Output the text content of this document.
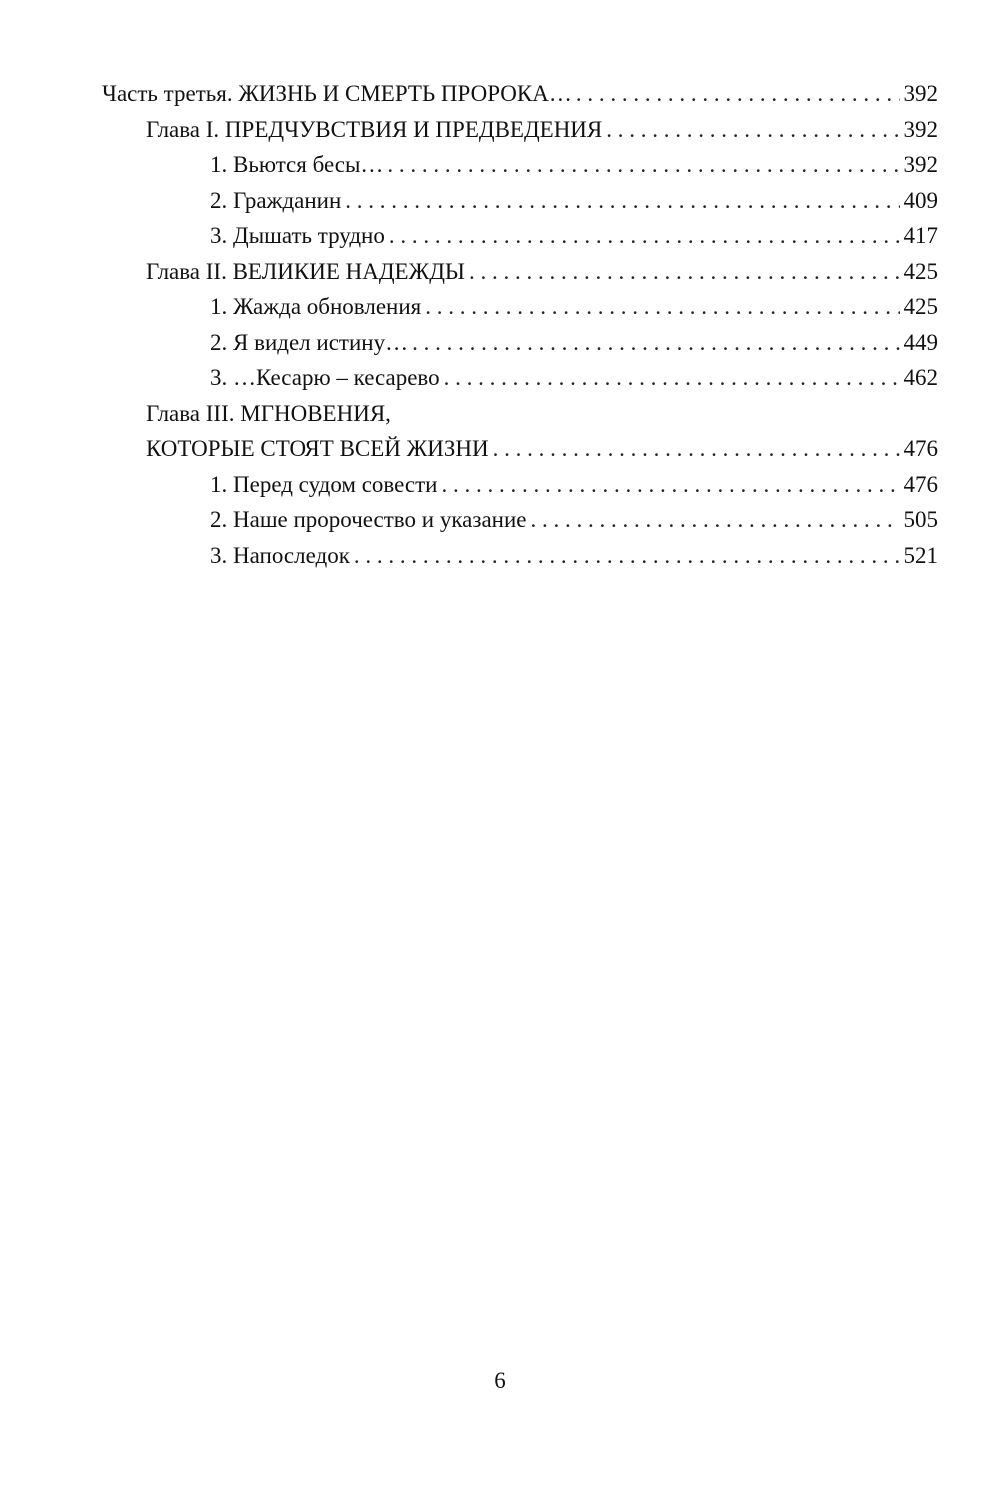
Часть третья. ЖИЗНЬ И СМЕРТЬ ПРОРОКА… . . .	392
Глава I. ПРЕДЧУВСТВИЯ И ПРЕДВЕДЕНИЯ . . .	392
1. Вьются бесы… . . .	392
2. Гражданин . . .	409
3. Дышать трудно . . .	417
Глава II. ВЕЛИКИЕ НАДЕЖДЫ . . .	425
1. Жажда обновления . . .	425
2. Я видел истину… . . .	449
3. …Кесарю – кесарево . . .	462
Глава III. МГНОВЕНИЯ,
КОТОРЫЕ СТОЯТ ВСЕЙ ЖИЗНИ . . .	476
1. Перед судом совести . . .	476
2. Наше пророчество и указание . . .	505
3. Напоследок . . .	521
6
